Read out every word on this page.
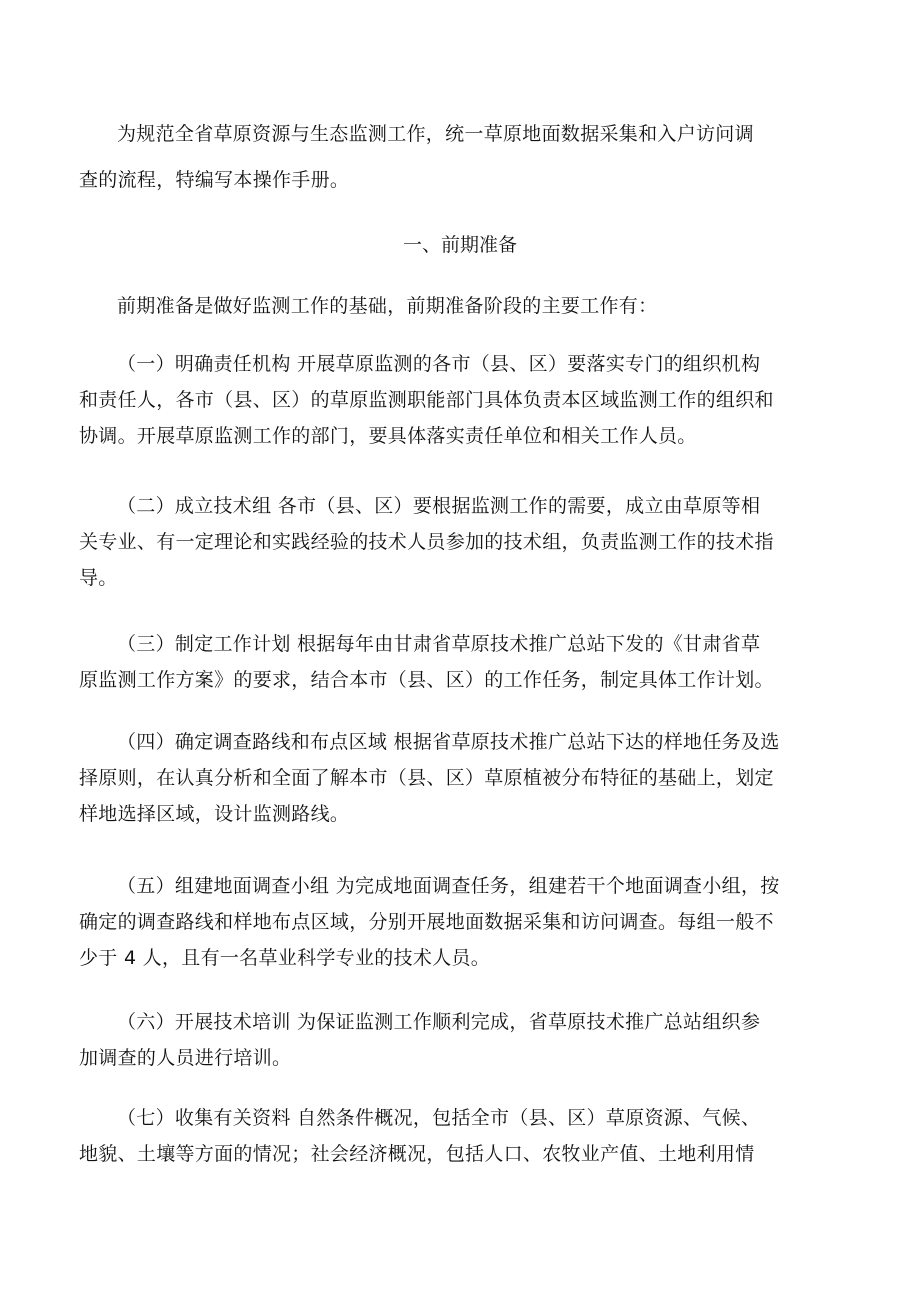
为规范全省草原资源与生态监测工作，统一草原地面数据采集和入户访问调
查的流程，特编写本操作手册。

一、前期准备

前期准备是做好监测工作的基础，前期准备阶段的主要工作有：

（一）明确责任机构 开展草原监测的各市（县、区）要落实专门的组织机构
和责任人，各市（县、区）的草原监测职能部门具体负责本区域监测工作的组织和
协调。开展草原监测工作的部门，要具体落实责任单位和相关工作人员。

（二）成立技术组 各市（县、区）要根据监测工作的需要，成立由草原等相
关专业、有一定理论和实践经验的技术人员参加的技术组，负责监测工作的技术指
导。

（三）制定工作计划 根据每年由甘肃省草原技术推广总站下发的《甘肃省草
原监测工作方案》的要求，结合本市（县、区）的工作任务，制定具体工作计划。

（四）确定调查路线和布点区域 根据省草原技术推广总站下达的样地任务及选
择原则，在认真分析和全面了解本市（县、区）草原植被分布特征的基础上，划定
样地选择区域，设计监测路线。

（五）组建地面调查小组 为完成地面调查任务，组建若干个地面调查小组，按
确定的调查路线和样地布点区域，分别开展地面数据采集和访问调查。每组一般不
少于 4 人，且有一名草业科学专业的技术人员。

（六）开展技术培训 为保证监测工作顺利完成，省草原技术推广总站组织参
加调查的人员进行培训。

（七）收集有关资料 自然条件概况，包括全市（县、区）草原资源、气候、
地貌、土壤等方面的情况；社会经济概况，包括人口、农牧业产值、土地利用情
